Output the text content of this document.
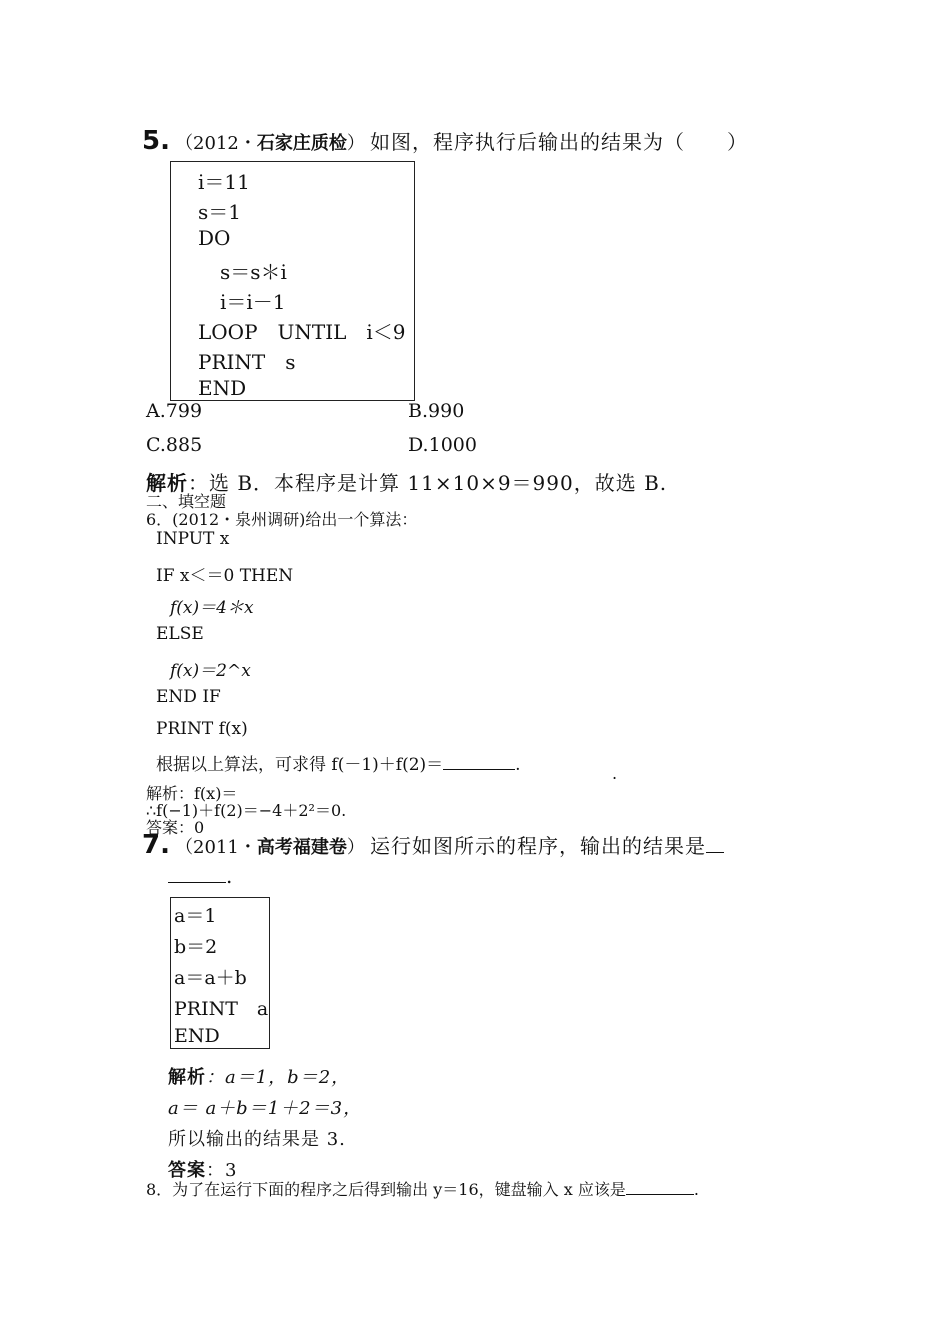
5. （2012・石家庄质检） 如图，程序执行后输出的结果为（　　）
i＝11
s＝1
DO
s＝s＊i
i＝i－1
LOOP　UNTIL　i＜9
PRINT　s
END
A.799	B.990
C.885	D.1000
解析：选 B．本程序是计算 11×10×9＝990，故选 B.
二、填空题
6．(2012・泉州调研)给出一个算法：
INPUT x
IF x＜＝0 THEN
f(x)＝4＊x
ELSE
f(x)＝2^x
END IF
PRINT f(x)
根据以上算法，可求得 f(－1)＋f(2)＝	.	.
解析：f(x)＝
∴f(−1)＋f(2)＝−4＋2²＝0.
答案：0
7. （2011・高考福建卷） 运行如图所示的程序，输出的结果是
.
a＝1
b＝2
a＝a＋b
PRINT　a
END
解析：a＝1，b＝2，
a＝ a＋b＝1＋2＝3，
所以输出的结果是 3.
答案：3
8．为了在运行下面的程序之后得到输出 y＝16，键盘输入 x 应该是	.
